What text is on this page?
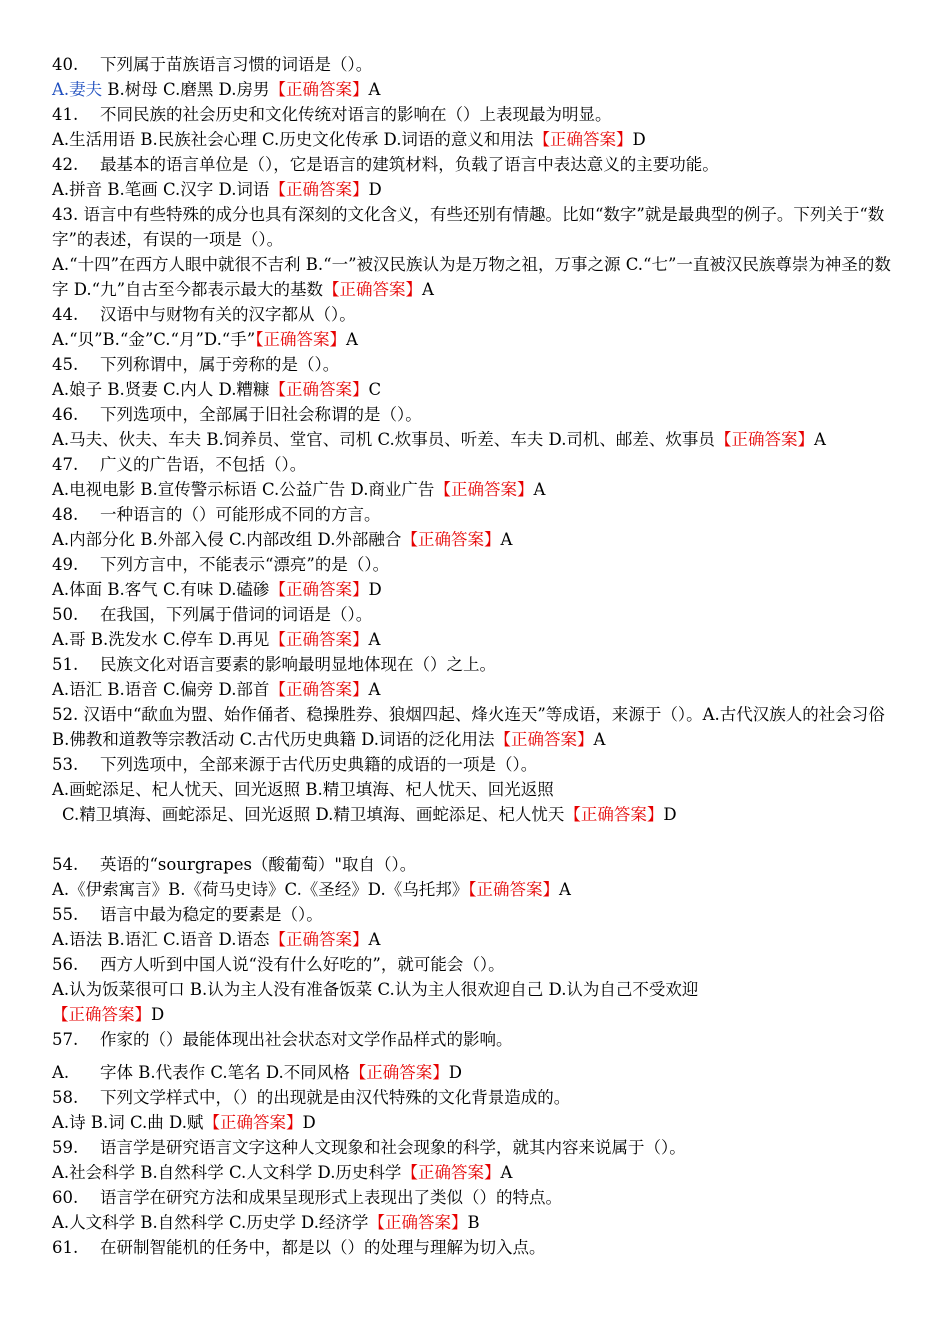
40. 下列属于苗族语言习惯的词语是（）。
A.妻夫 B.树母 C.磨黑 D.房男【正确答案】A
41. 不同民族的社会历史和文化传统对语言的影响在（）上表现最为明显。
A.生活用语 B.民族社会心理 C.历史文化传承 D.词语的意义和用法【正确答案】D
42. 最基本的语言单位是（），它是语言的建筑材料，负载了语言中表达意义的主要功能。
A.拼音 B.笔画 C.汉字 D.词语【正确答案】D
43. 语言中有些特殊的成分也具有深刻的文化含义，有些还别有情趣。比如“数字”就是最典型的例子。下列关于“数字”的表述，有误的一项是（）。
A.“十四”在西方人眼中就很不吉利 B.“一”被汉民族认为是万物之祖，万事之源 C.“七”一直被汉民族尊崇为神圣的数字 D.“九”自古至今都表示最大的基数【正确答案】A
44. 汉语中与财物有关的汉字都从（）。
A.“贝”B.“金”C.“月”D.“手”【正确答案】A
45. 下列称谓中，属于旁称的是（）。
A.娘子 B.贤妻 C.内人 D.糟糠【正确答案】C
46. 下列选项中，全部属于旧社会称谓的是（）。
A.马夫、伙夫、车夫 B.饲养员、堂官、司机 C.炊事员、听差、车夫 D.司机、邮差、炊事员【正确答案】A
47. 广义的广告语，不包括（）。
A.电视电影 B.宣传警示标语 C.公益广告 D.商业广告【正确答案】A
48. 一种语言的（）可能形成不同的方言。
A.内部分化 B.外部入侵 C.内部改组 D.外部融合【正确答案】A
49. 下列方言中，不能表示“漂亮”的是（）。
A.体面 B.客气 C.有味 D.磕碜【正确答案】D
50. 在我国，下列属于借词的词语是（）。
A.哥 B.洗发水 C.停车 D.再见【正确答案】A
51. 民族文化对语言要素的影响最明显地体现在（）之上。
A.语汇 B.语音 C.偏旁 D.部首【正确答案】A
52. 汉语中“歃血为盟、始作俑者、稳操胜券、狼烟四起、烽火连天”等成语，来源于（）。A.古代汉族人的社会习俗 B.佛教和道教等宗教活动 C.古代历史典籍 D.词语的泛化用法【正确答案】A
53. 下列选项中，全部来源于古代历史典籍的成语的一项是（）。
A.画蛇添足、杞人忧天、回光返照 B.精卫填海、杞人忧天、回光返照
C.精卫填海、画蛇添足、回光返照 D.精卫填海、画蛇添足、杞人忧天【正确答案】D
54. 英语的“sourgrapes（酸葡萄）"取自（）。
A.《伊索寓言》B.《荷马史诗》C.《圣经》D.《乌托邦》【正确答案】A
55. 语言中最为稳定的要素是（）。
A.语法 B.语汇 C.语音 D.语态【正确答案】A
56. 西方人听到中国人说“没有什么好吃的”，就可能会（）。
A.认为饭菜很可口 B.认为主人没有准备饭菜 C.认为主人很欢迎自己 D.认为自己不受欢迎
【正确答案】D
57. 作家的（）最能体现出社会状态对文学作品样式的影响。
A. 字体 B.代表作 C.笔名 D.不同风格【正确答案】D
58. 下列文学样式中，（）的出现就是由汉代特殊的文化背景造成的。
A.诗 B.词 C.曲 D.赋【正确答案】D
59. 语言学是研究语言文字这种人文现象和社会现象的科学，就其内容来说属于（）。
A.社会科学 B.自然科学 C.人文科学 D.历史科学【正确答案】A
60. 语言学在研究方法和成果呈现形式上表现出了类似（）的特点。
A.人文科学 B.自然科学 C.历史学 D.经济学【正确答案】B
61. 在研制智能机的任务中，都是以（）的处理与理解为切入点。
